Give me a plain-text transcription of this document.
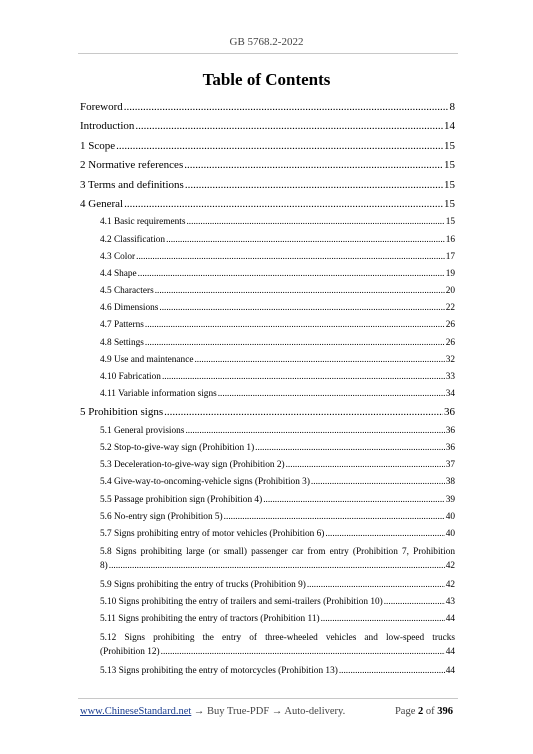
GB 5768.2-2022
Table of Contents
Foreword .....	8
Introduction .....	14
1 Scope .....	15
2 Normative references .....	15
3 Terms and definitions .....	15
4 General .....	15
4.1 Basic requirements .....	15
4.2 Classification .....	16
4.3 Color .....	17
4.4 Shape .....	19
4.5 Characters .....	20
4.6 Dimensions .....	22
4.7 Patterns .....	26
4.8 Settings .....	26
4.9 Use and maintenance .....	32
4.10 Fabrication .....	33
4.11 Variable information signs .....	34
5 Prohibition signs .....	36
5.1 General provisions .....	36
5.2 Stop-to-give-way sign (Prohibition 1) .....	36
5.3 Deceleration-to-give-way sign (Prohibition 2) .....	37
5.4 Give-way-to-oncoming-vehicle signs (Prohibition 3) .....	38
5.5 Passage prohibition sign (Prohibition 4) .....	39
5.6 No-entry sign (Prohibition 5) .....	40
5.7 Signs prohibiting entry of motor vehicles (Prohibition 6) .....	40
5.8 Signs prohibiting large (or small) passenger car from entry (Prohibition 7, Prohibition
8) .....	42
5.9 Signs prohibiting the entry of trucks (Prohibition 9) .....	42
5.10 Signs prohibiting the entry of trailers and semi-trailers (Prohibition 10) .....	43
5.11 Signs prohibiting the entry of tractors (Prohibition 11) .....	44
5.12 Signs prohibiting the entry of three-wheeled vehicles and low-speed trucks
(Prohibition 12) .....	44
5.13 Signs prohibiting the entry of motorcycles (Prohibition 13) .....	44
www.ChineseStandard.net → Buy True-PDF → Auto-delivery.	Page 2 of 396
